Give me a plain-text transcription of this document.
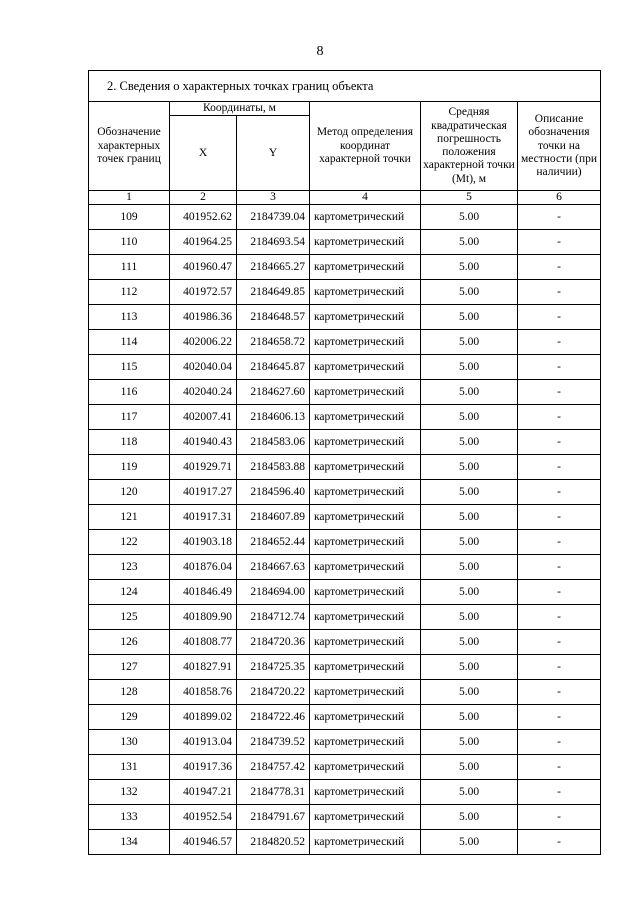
8
2. Сведения о характерных точках границ объекта					
Обозначение характерных точек границ	Координаты, м		Метод определения координат характерной точки	Средняя квадратическая погрешность положения характерной точки (Mt), м	Описание обозначения точки на местности (при наличии)
	X	Y			
1	2	3	4	5	6
109	401952.62	2184739.04	картометрический	5.00	-
110	401964.25	2184693.54	картометрический	5.00	-
111	401960.47	2184665.27	картометрический	5.00	-
112	401972.57	2184649.85	картометрический	5.00	-
113	401986.36	2184648.57	картометрический	5.00	-
114	402006.22	2184658.72	картометрический	5.00	-
115	402040.04	2184645.87	картометрический	5.00	-
116	402040.24	2184627.60	картометрический	5.00	-
117	402007.41	2184606.13	картометрический	5.00	-
118	401940.43	2184583.06	картометрический	5.00	-
119	401929.71	2184583.88	картометрический	5.00	-
120	401917.27	2184596.40	картометрический	5.00	-
121	401917.31	2184607.89	картометрический	5.00	-
122	401903.18	2184652.44	картометрический	5.00	-
123	401876.04	2184667.63	картометрический	5.00	-
124	401846.49	2184694.00	картометрический	5.00	-
125	401809.90	2184712.74	картометрический	5.00	-
126	401808.77	2184720.36	картометрический	5.00	-
127	401827.91	2184725.35	картометрический	5.00	-
128	401858.76	2184720.22	картометрический	5.00	-
129	401899.02	2184722.46	картометрический	5.00	-
130	401913.04	2184739.52	картометрический	5.00	-
131	401917.36	2184757.42	картометрический	5.00	-
132	401947.21	2184778.31	картометрический	5.00	-
133	401952.54	2184791.67	картометрический	5.00	-
134	401946.57	2184820.52	картометрический	5.00	-
